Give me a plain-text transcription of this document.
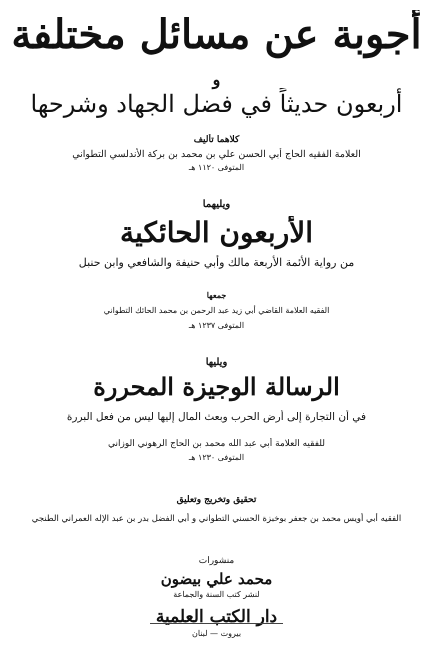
أجوبة عن مسائل مختلفة
و
أربعون حديثاً في فضل الجهاد وشرحها
كلاهما تأليف
العلامة الفقيه الحاج أبي الحسن علي بن محمد بن بركة الأندلسي التطواني
المتوفى ١١٢٠ هـ
ويليهما
الأربعون الحائكية
من رواية الأئمة الأربعة مالك وأبي حنيفة والشافعي وابن حنبل
جمعها
الفقيه العلامة القاضي أبي زيد عبد الرحمن بن محمد الحائك التطواني
المتوفى ١٢٣٧ هـ
ويليها
الرسالة الوجيزة المحررة
في أن التجارة إلى أرض الحرب وبعث المال إليها ليس من فعل البررة
للفقيه العلامة أبي عبد الله محمد بن الحاج الرهوني الوزاني
المتوفى ١٢٣٠ هـ
تحقيق وتخريج وتعليق
الفقيه أبي أويس محمد بن جعفر بوخبزة الحسني التطواني و أبي الفضل بدر بن عبد الإله العمراني الطنجي
منشورات
محمد علي بيضون
لنشر كتب السنة والجماعة
دار الكتب العلمية
بيروت — لبنان
